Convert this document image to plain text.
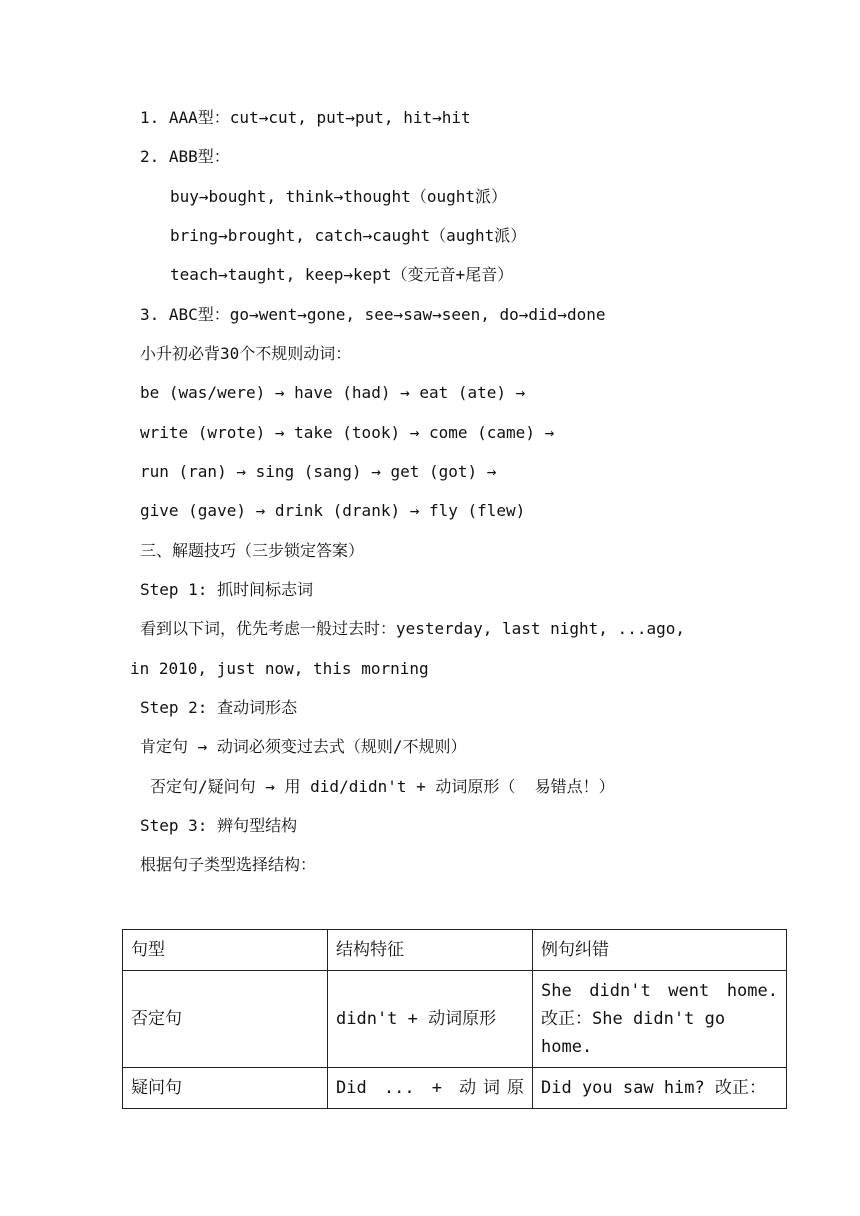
1. AAA型：cut→cut, put→put, hit→hit
2. ABB型：
buy→bought, think→thought（ought派）
bring→brought, catch→caught（aught派）
teach→taught, keep→kept（变元音+尾音）
3. ABC型：go→went→gone, see→saw→seen, do→did→done
小升初必背30个不规则动词：
be (was/were) → have (had) → eat (ate) →
write (wrote) → take (took) → come (came) →
run (ran) → sing (sang) → get (got) →
give (gave) → drink (drank) → fly (flew)
三、解题技巧（三步锁定答案）
Step 1: 抓时间标志词
看到以下词，优先考虑一般过去时：yesterday, last night, ...ago,
in 2010, just now, this morning
Step 2: 查动词形态
肯定句 → 动词必须变过去式（规则/不规则）
否定句/疑问句 → 用 did/didn't + 动词原形（  易错点！）
Step 3: 辨句型结构
根据句子类型选择结构：
句型	结构特征	例句纠错
否定句	didn't + 动词原形	She didn't went home.
改正：She didn't go home.

疑问句	Did ... + 动词原	Did you saw him? 改正：
